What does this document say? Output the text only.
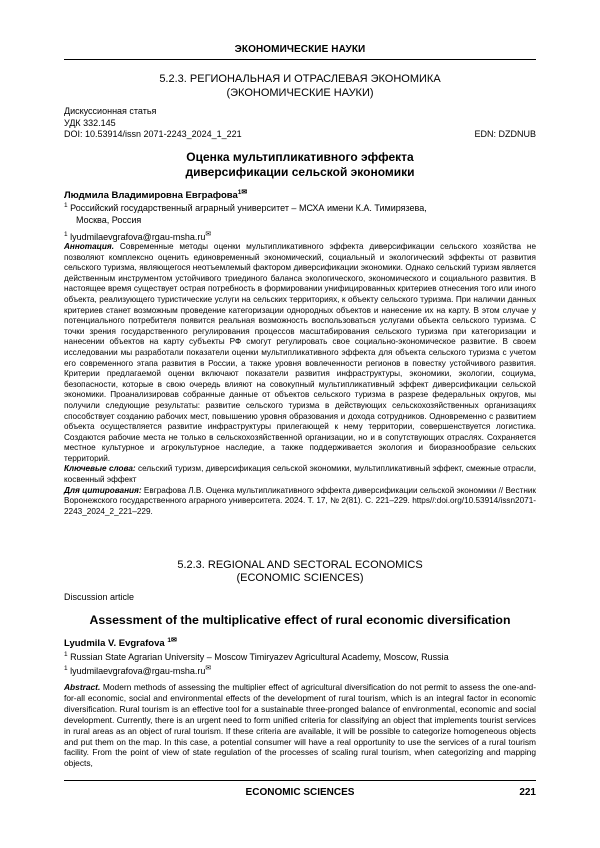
ЭКОНОМИЧЕСКИЕ НАУКИ
5.2.3. РЕГИОНАЛЬНАЯ И ОТРАСЛЕВАЯ ЭКОНОМИКА
(ЭКОНОМИЧЕСКИЕ НАУКИ)
Дискуссионная статья
УДК 332.145
DOI: 10.53914/issn 2071-2243_2024_1_221	EDN: DZDNUB
Оценка мультипликативного эффекта
диверсификации сельской экономики
Людмила Владимировна Евграфова$^{1✉}$
$^1$ Российский государственный аграрный университет – МСХА имени К.А. Тимирязева,
Москва, Россия
$^1$ lyudmilaevgrafova@rgau-msha.ru✉
Аннотация. Современные методы оценки мультипликативного эффекта диверсификации сельского хозяйства не позволяют комплексно оценить единовременный экономический, социальный и экологический эффекты от развития сельского туризма, являющегося неотъемлемый фактором диверсификации экономики. Однако сельский туризм является действенным инструментом устойчивого триединого баланса экологического, экономического и социального развития. В настоящее время существует острая потребность в формировании унифицированных критериев отнесения того или иного объекта, реализующего туристические услуги на сельских территориях, к объекту сельского туризма. При наличии данных критериев станет возможным проведение категоризации однородных объектов и нанесение их на карту. В этом случае у потенциального потребителя появится реальная возможность воспользоваться услугами объекта сельского туризма. С точки зрения государственного регулирования процессов масштабирования сельского туризма при категоризации и нанесении объектов на карту субъекты РФ смогут регулировать свое социально-экономическое развитие. В своем исследовании мы разработали показатели оценки мультипликативного эффекта для объекта сельского туризма с учетом его современного этапа развития в России, а также уровня вовлеченности регионов в повестку устойчивого развития. Критерии предлагаемой оценки включают показатели развития инфраструктуры, экономики, экологии, социума, безопасности, которые в свою очередь влияют на совокупный мультипликативный эффект диверсификации сельской экономики. Проанализировав собранные данные от объектов сельского туризма в разрезе федеральных округов, мы получили следующие результаты: развитие сельского туризма в действующих сельскохозяйственных организациях способствует созданию рабочих мест, повышению уровня образования и дохода сотрудников. Одновременно с развитием объекта осуществляется развитие инфраструктуры прилегающей к нему территории, совершенствуется логистика. Создаются рабочие места не только в сельскохозяйственной организации, но и в сопутствующих отраслях. Сохраняется местное культурное и агрокультурное наследие, а также поддерживается экология и биоразнообразие сельских территорий.
Ключевые слова: сельский туризм, диверсификация сельской экономики, мультипликативный эффект, смежные отрасли, косвенный эффект
Для цитирования: Евграфова Л.В. Оценка мультипликативного эффекта диверсификации сельской экономики // Вестник Воронежского государственного аграрного университета. 2024. Т. 17, № 2(81). С. 221–229. https//:doi.org/10.53914/issn2071-2243_2024_2_221–229.
5.2.3. REGIONAL AND SECTORAL ECONOMICS
(ECONOMIC SCIENCES)
Discussion article
Assessment of the multiplicative effect of rural economic diversification
Lyudmila V. Evgrafova $^{1✉}$
$^1$ Russian State Agrarian University – Moscow Timiryazev Agricultural Academy, Moscow, Russia
$^1$ lyudmilaevgrafova@rgau-msha.ru✉
Abstract. Modern methods of assessing the multiplier effect of agricultural diversification do not permit to assess the one-and-for-all economic, social and environmental effects of the development of rural tourism, which is an integral factor in economic diversification. Rural tourism is an effective tool for a sustainable three-pronged balance of environmental, economic and social development. Currently, there is an urgent need to form unified criteria for classifying an object that implements tourist services in rural areas as an object of rural tourism. If these criteria are available, it will be possible to categorize homogeneous objects and put them on the map. In this case, a potential consumer will have a real opportunity to use the services of a rural tourism facility. From the point of view of state regulation of the processes of scaling rural tourism, when categorizing and mapping objects,
ECONOMIC SCIENCES	221
